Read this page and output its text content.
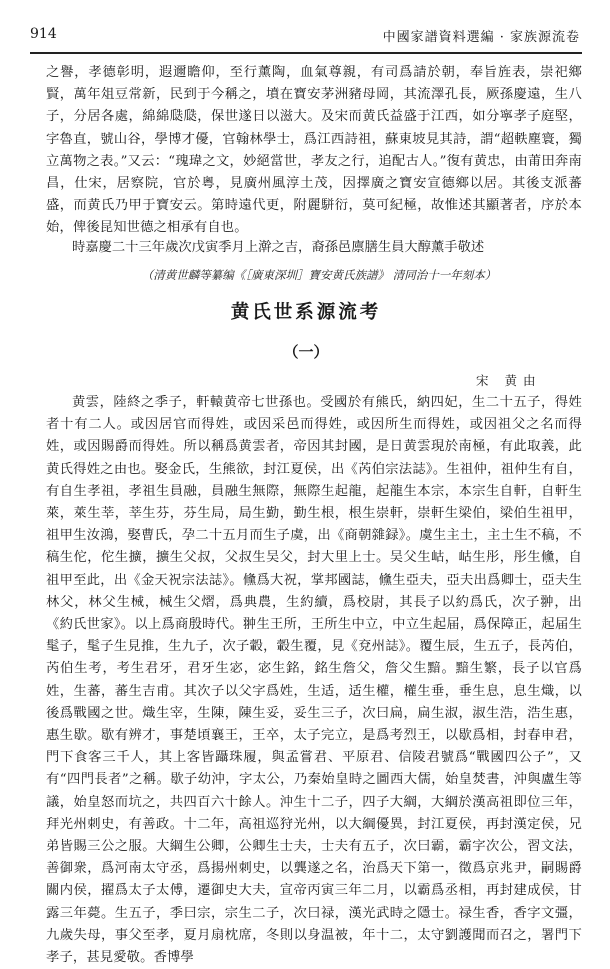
914	中國家譜資料選編 · 家族源流卷

之譽，孝德彰明，遐邇瞻仰，至行薰陶，血氣尊親，有司爲請於朝，奉旨旌表，崇祀鄉賢，萬年俎豆常新，民到于今稱之，墳在寶安茅洲豬母岡，其流澤孔長，厥孫慶遠，生八子，分居各處，綿綿瓞瓞，保世遂日以滋大。及宋而黄氏益盛于江西，如分寧孝子庭堅，字魯直，號山谷，學博才優，官翰林學士，爲江西詩祖，蘇東坡見其詩，謂“超軼塵寰，獨立萬物之表。”又云：“瑰瑋之文，妙絕當世，孝友之行，追配古人。”復有黄忠，由莆田奔南昌，仕宋，居察院，官於粵，見廣州風淳土茂，因擇廣之寶安宣德鄉以居。其後支派蕃盛，而黄氏乃甲于寶安云。第時遠代更，附麗駢衍，莫可紀極，故惟述其顯著者，序於本始，俾後昆知世德之相承有自也。

時嘉慶二十三年歲次戊寅季月上澣之吉，裔孫邑廪膳生員大醇薰手敬述
（清黄世麟等纂编《［廣東深圳］寶安黄氏族譜》 清同治十一年刻本）
黄氏世系源流考
（一）
宋 黄由

黄雲，陸終之季子，軒轅黄帝七世孫也。受國於有熊氏，納四妃，生二十五子，得姓者十有二人。或因居官而得姓，或因采邑而得姓，或因所生而得姓，或因祖父之名而得姓，或因賜爵而得姓。所以稱爲黄雲者，帝因其封國，是日黄雲現於南極，有此取義，此黄氏得姓之由也。娶金氏，生熊欲，封江夏侯，出《芮伯宗法誌》。生祖仲，祖仲生有自，有自生孝祖，孝祖生員融，員融生無際，無際生起龍，起龍生本宗，本宗生自軒，自軒生萊，萊生莘，莘生芬，芬生局，局生勤，勤生根，根生崇軒，崇軒生梁伯，梁伯生祖甲，祖甲生汝鴻，娶曹氏，孕二十五月而生子虞，出《商朝雜録》。虞生主土，主土生不稿，不稿生佗，佗生擴，擴生父叔，父叔生吴父，封大里上士。吴父生岵，岵生彤，彤生儵，自祖甲至此，出《金天祝宗法誌》。儵爲大祝，掌邦國誌，儵生亞夫，亞夫出爲卿士，亞夫生林父，林父生械，械生父熠，爲典農，生約續，爲校尉，其長子以約爲氏，次子翀，出《約氏世家》。以上爲商殷時代。翀生王所，王所生中立，中立生起届，爲保障正，起届生髦子，髦子生見推，生九子，次子轂，轂生覆，見《兗州誌》。覆生辰，生五子，長芮伯，芮伯生考，考生君牙，君牙生宓，宓生銘，銘生詹父，詹父生黯。黯生繁，長子以官爲姓，生蕃，蕃生吉甫。其次子以父字爲姓，生适，适生權，權生垂，垂生息，息生熾，以後爲戰國之世。熾生宰，生陳，陳生妥，妥生三子，次曰扁，扁生淑，淑生浩，浩生惠，惠生歇。歇有辨才，事楚頃襄王，王卒，太子完立，是爲考烈王，以歇爲相，封春申君，門下食客三千人，其上客皆躡珠履，與孟嘗君、平原君、信陵君號爲“戰國四公子”，又有“四門長者”之稱。歇子幼沖，字太公，乃秦始皇時之圖西大儒，始皇焚書，沖與盧生等議，始皇怒而坑之，共四百六十餘人。沖生十二子，四子大綱，大綱於漢高祖即位三年，拜光州刺史，有善政。十二年，高祖巡狩光州，以大綱優異，封江夏侯，再封漢定侯，兄弟皆賜三公之服。大綱生公卿，公卿生士夫，士夫有五子，次曰霸，霸字次公，習文法，善御衆，爲河南太守丞，爲揚州刺史，以龔遂之名，治爲天下第一，徵爲京兆尹，嗣賜爵關内侯，擢爲太子太傅，遷御史大夫，宣帝丙寅三年二月，以霸爲丞相，再封建成侯，甘露三年薨。生五子，季曰宗，宗生二子，次曰禄，漢光武時之隱士。禄生香，香字文彊，九歲失母，事父至孝，夏月扇枕席，冬則以身温被，年十二，太守劉護聞而召之，署門下孝子，甚見愛敬。香博學
